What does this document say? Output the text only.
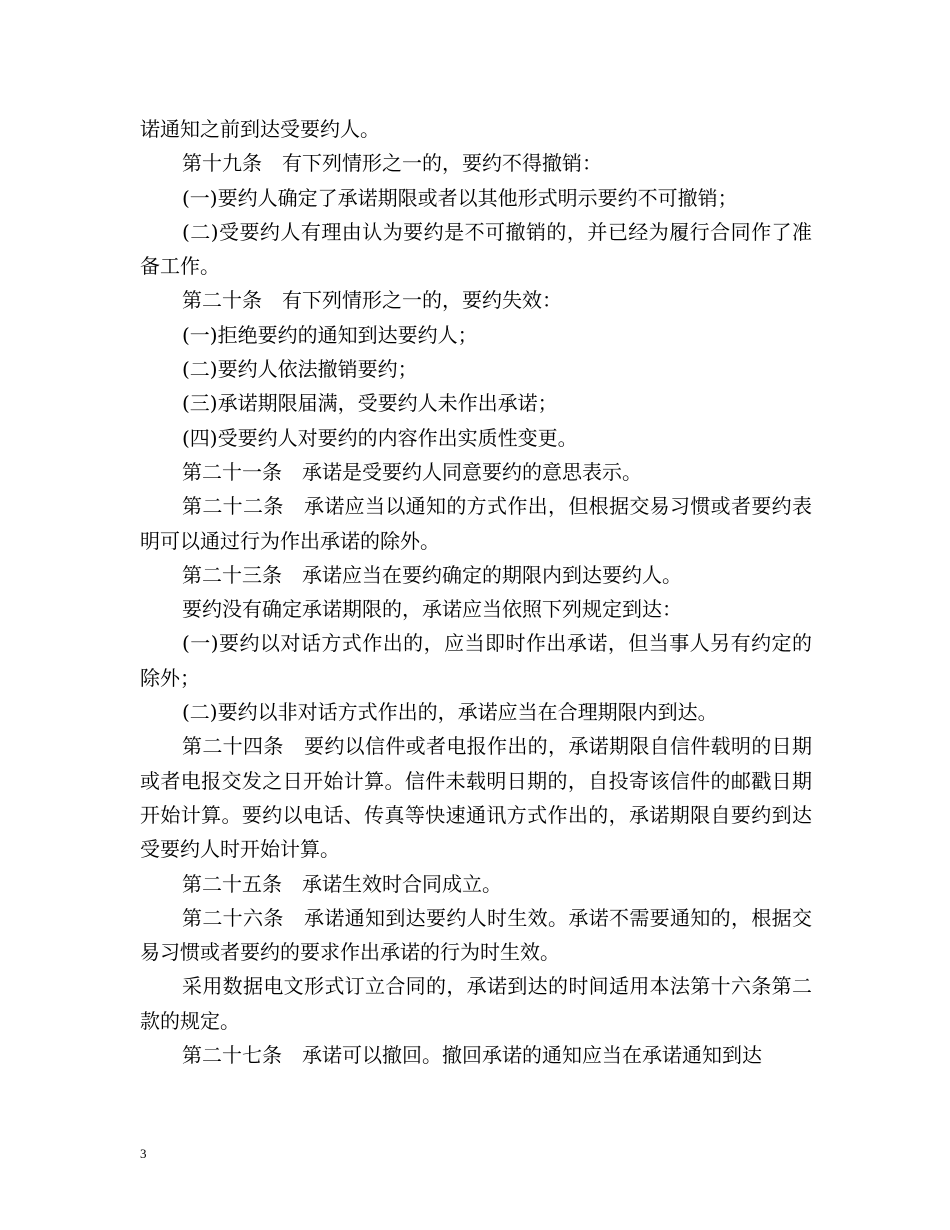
诺通知之前到达受要约人。

第十九条　有下列情形之一的，要约不得撤销：

(一)要约人确定了承诺期限或者以其他形式明示要约不可撤销；

(二)受要约人有理由认为要约是不可撤销的，并已经为履行合同作了准备工作。

第二十条　有下列情形之一的，要约失效：

(一)拒绝要约的通知到达要约人；

(二)要约人依法撤销要约；

(三)承诺期限届满，受要约人未作出承诺；

(四)受要约人对要约的内容作出实质性变更。

第二十一条　承诺是受要约人同意要约的意思表示。

第二十二条　承诺应当以通知的方式作出，但根据交易习惯或者要约表明可以通过行为作出承诺的除外。

第二十三条　承诺应当在要约确定的期限内到达要约人。

要约没有确定承诺期限的，承诺应当依照下列规定到达：

(一)要约以对话方式作出的，应当即时作出承诺，但当事人另有约定的除外；

(二)要约以非对话方式作出的，承诺应当在合理期限内到达。

第二十四条　要约以信件或者电报作出的，承诺期限自信件载明的日期或者电报交发之日开始计算。信件未载明日期的，自投寄该信件的邮戳日期开始计算。要约以电话、传真等快速通讯方式作出的，承诺期限自要约到达受要约人时开始计算。

第二十五条　承诺生效时合同成立。

第二十六条　承诺通知到达要约人时生效。承诺不需要通知的，根据交易习惯或者要约的要求作出承诺的行为时生效。

采用数据电文形式订立合同的，承诺到达的时间适用本法第十六条第二款的规定。

第二十七条　承诺可以撤回。撤回承诺的通知应当在承诺通知到达

3
